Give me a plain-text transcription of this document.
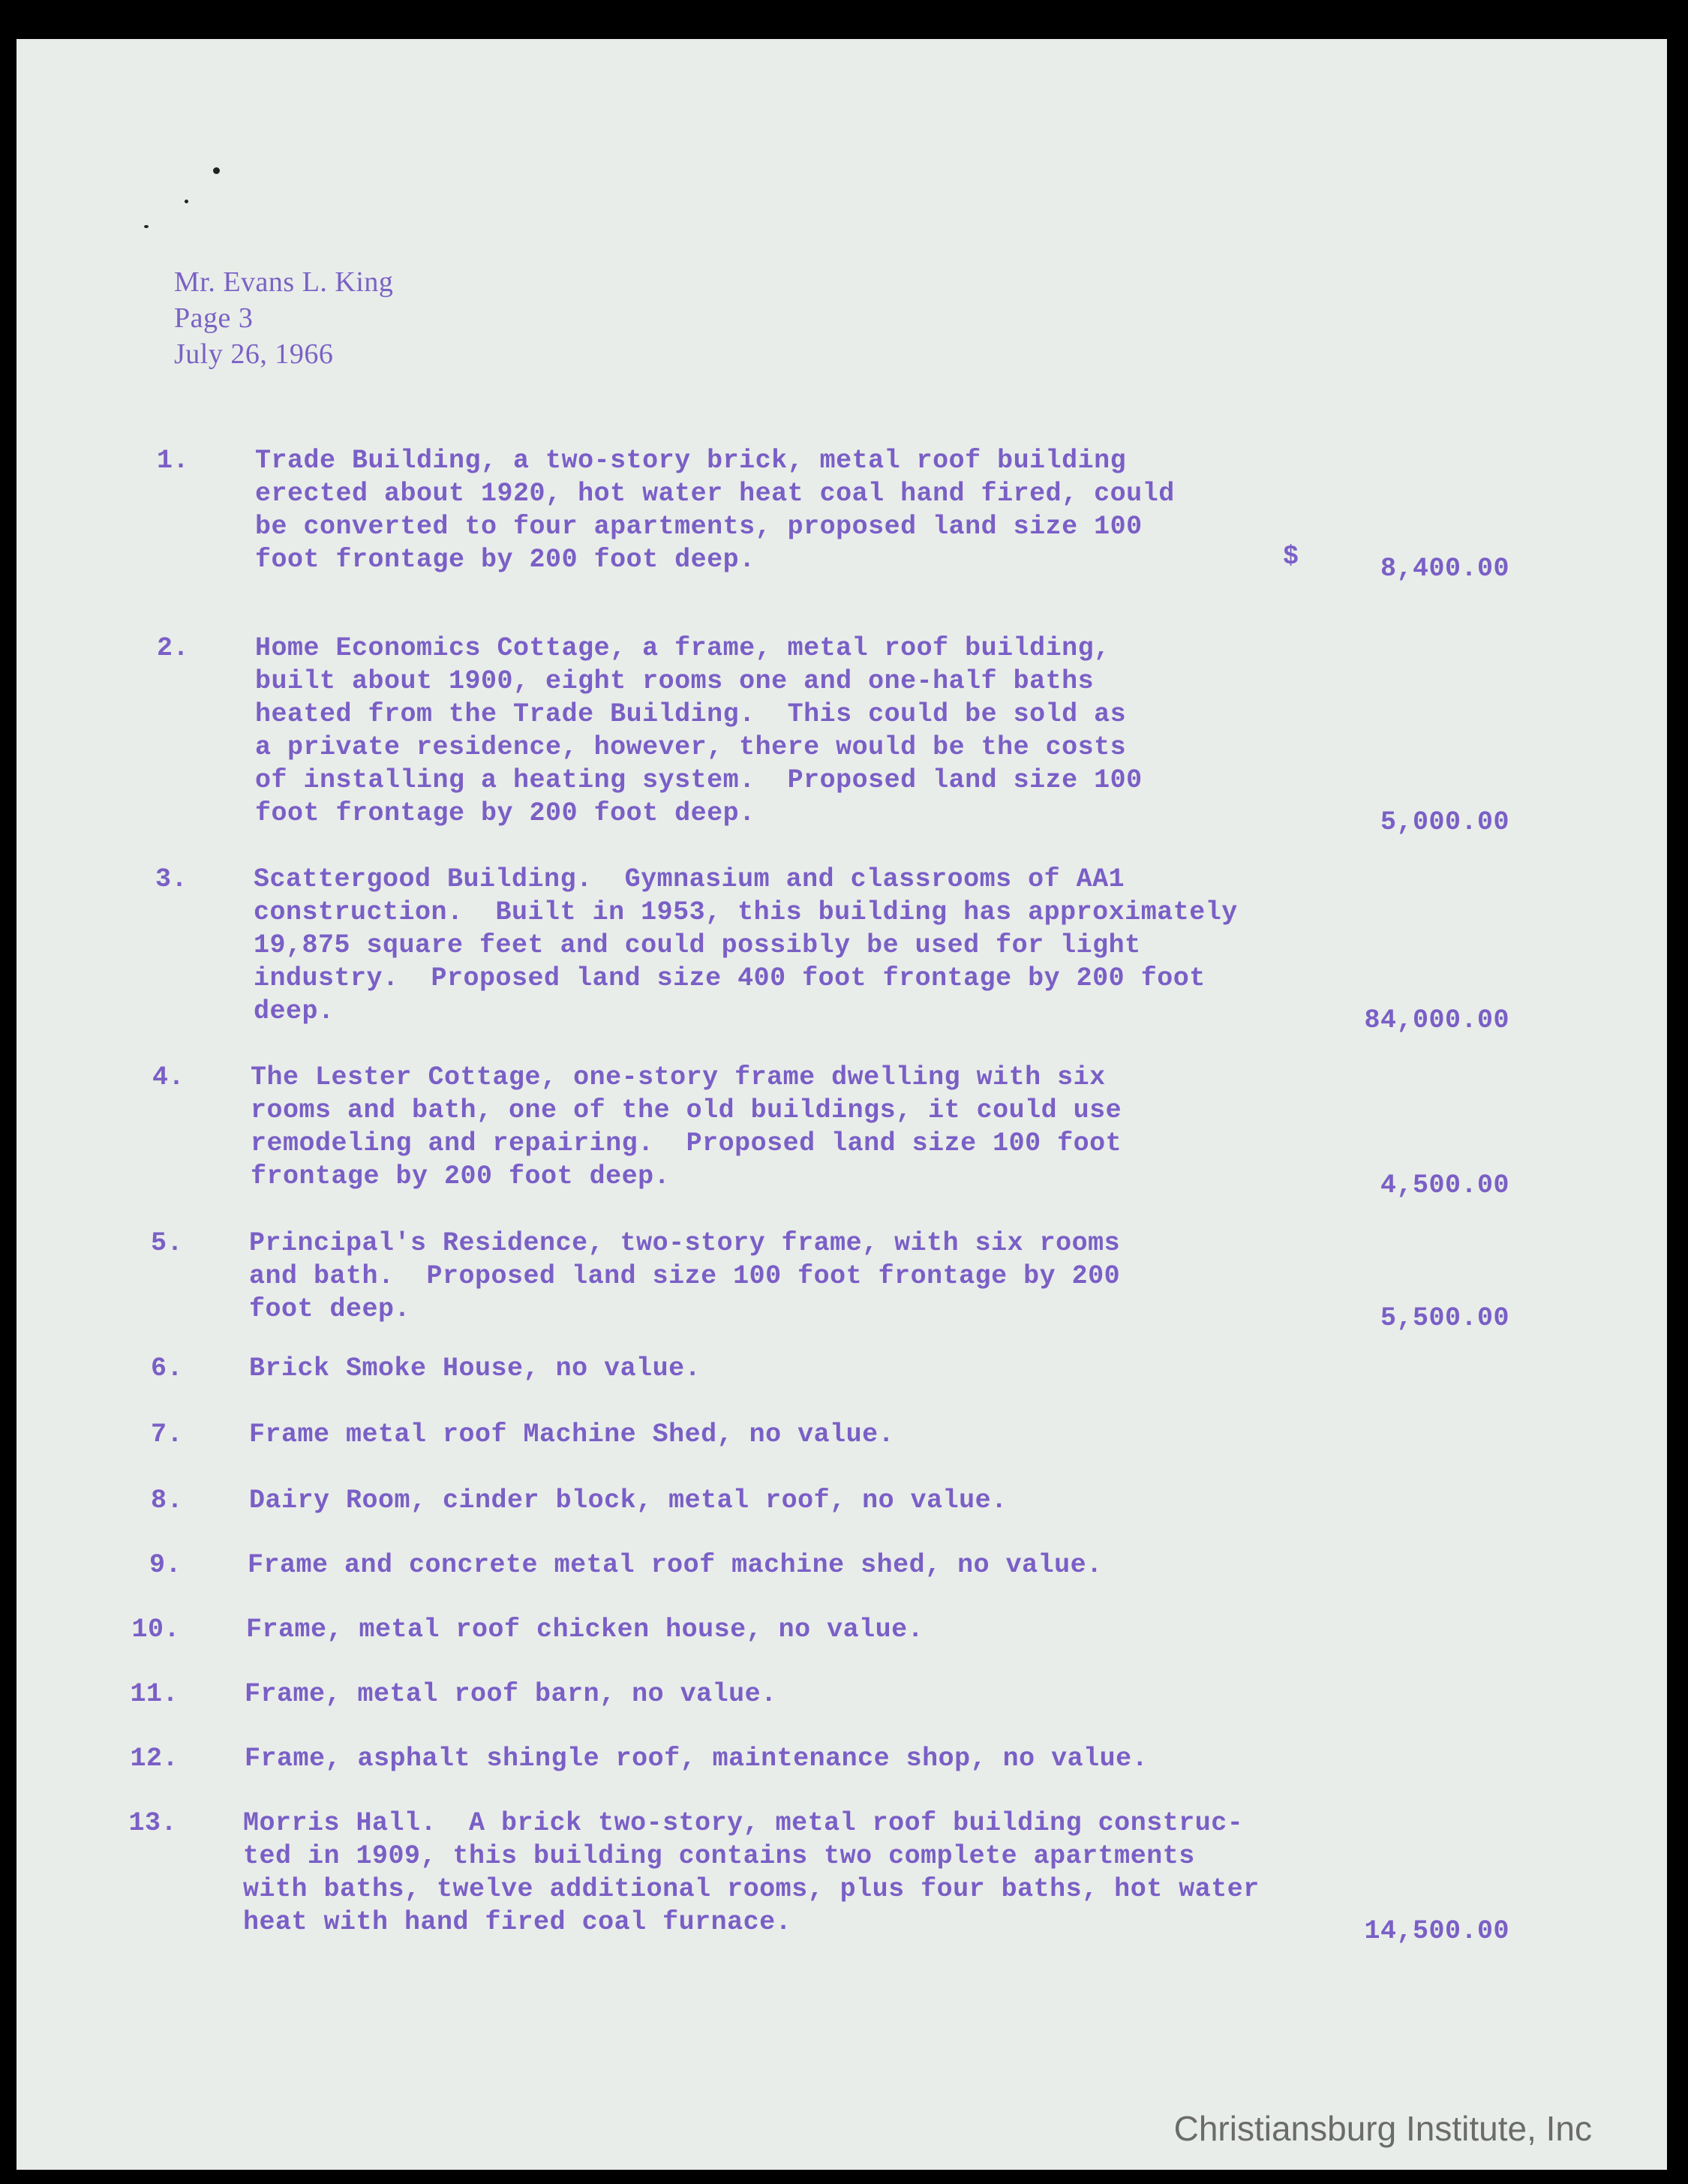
Mr. Evans L. King
Page 3
July 26, 1966
$
1.	Trade Building, a two-story brick, metal roof building
erected about 1920, hot water heat coal hand fired, could
be converted to four apartments, proposed land size 100
foot frontage by 200 foot deep.	8,400.00
2.	Home Economics Cottage, a frame, metal roof building,
built about 1900, eight rooms one and one-half baths
heated from the Trade Building.  This could be sold as
a private residence, however, there would be the costs
of installing a heating system.  Proposed land size 100
foot frontage by 200 foot deep.	5,000.00
3.	Scattergood Building.  Gymnasium and classrooms of AA1
construction.  Built in 1953, this building has approximately
19,875 square feet and could possibly be used for light
industry.  Proposed land size 400 foot frontage by 200 foot
deep.	84,000.00
4.	The Lester Cottage, one-story frame dwelling with six
rooms and bath, one of the old buildings, it could use
remodeling and repairing.  Proposed land size 100 foot
frontage by 200 foot deep.	4,500.00
5.	Principal's Residence, two-story frame, with six rooms
and bath.  Proposed land size 100 foot frontage by 200
foot deep.	5,500.00
6.	Brick Smoke House, no value.
7.	Frame metal roof Machine Shed, no value.
8.	Dairy Room, cinder block, metal roof, no value.
9.	Frame and concrete metal roof machine shed, no value.
10.	Frame, metal roof chicken house, no value.
11.	Frame, metal roof barn, no value.
12.	Frame, asphalt shingle roof, maintenance shop, no value.
13.	Morris Hall.  A brick two-story, metal roof building construc-
ted in 1909, this building contains two complete apartments
with baths, twelve additional rooms, plus four baths, hot water
heat with hand fired coal furnace.	14,500.00
Christiansburg Institute, Inc
